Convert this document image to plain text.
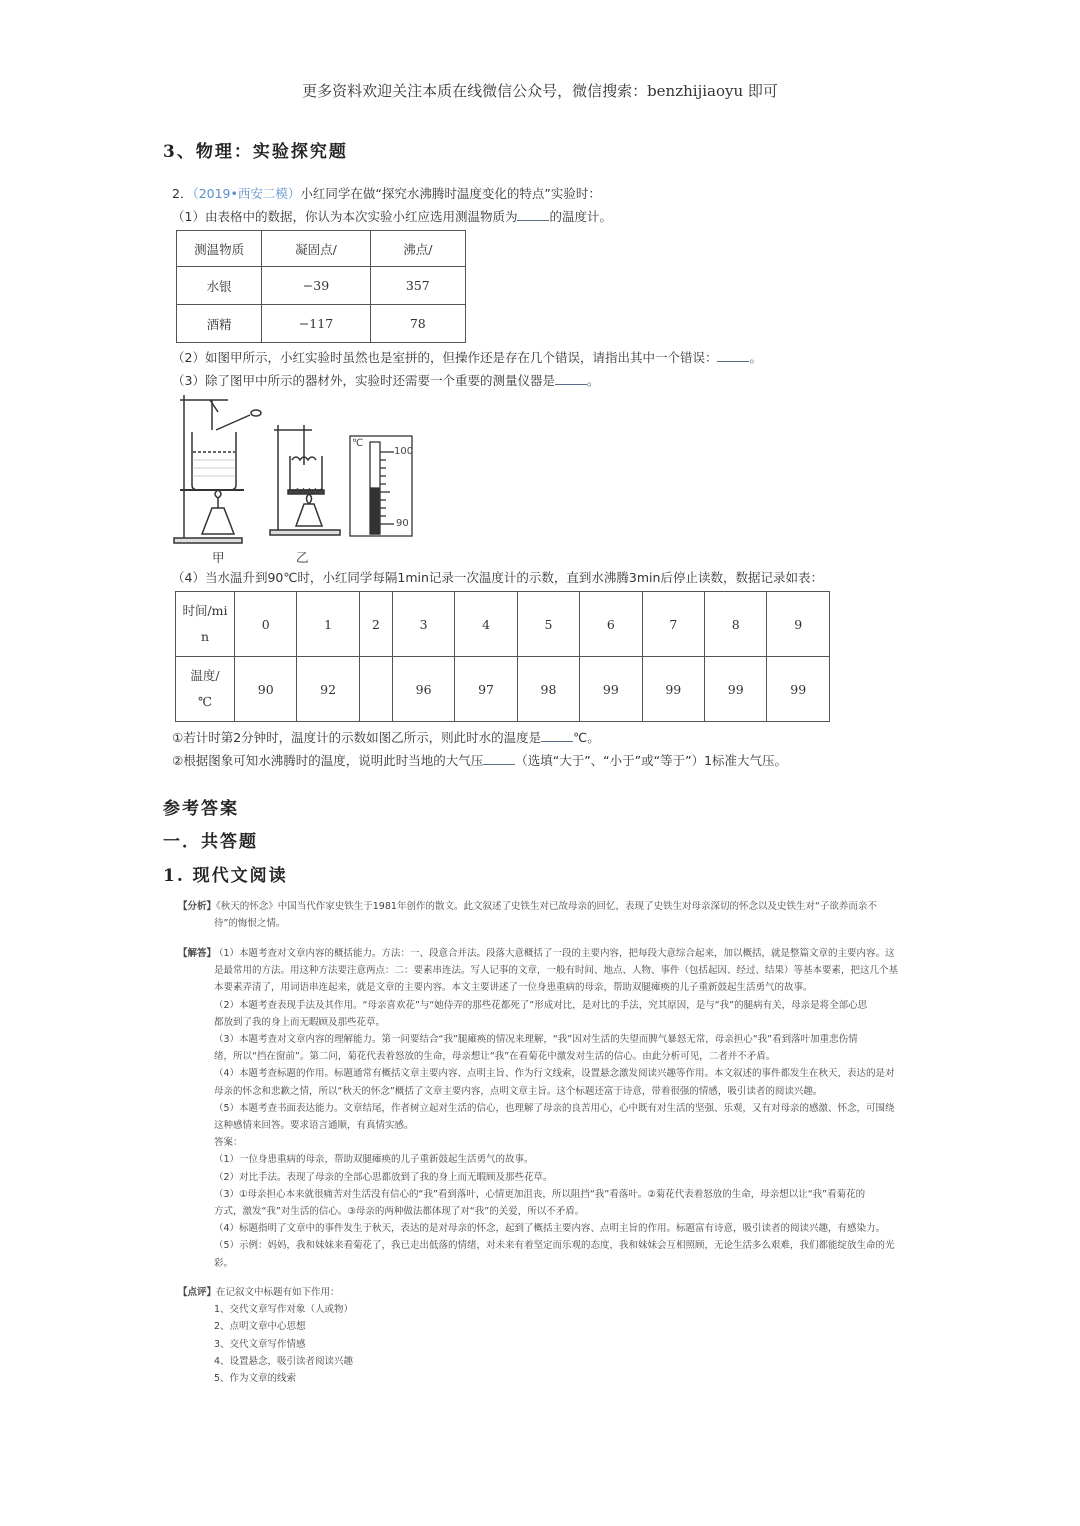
更多资料欢迎关注本质在线微信公众号，微信搜索：benzhijiaoyu 即可
3、物理：实验探究题
2．（2019•西安二模）小红同学在做“探究水沸腾时温度变化的特点”实验时：
（1）由表格中的数据，你认为本次实验小红应选用测温物质为	的温度计。
测温物质	凝固点/	沸点/
水银	−39	357
酒精	−117	78
（2）如图甲所示，小红实验时虽然也是室拼的，但操作还是存在几个错误，请指出其中一个错误：	。
（3）除了图甲中所示的器材外，实验时还需要一个重要的测量仪器是	。
℃
100
90
甲	乙
（4）当水温升到90℃时，小红同学每隔1min记录一次温度计的示数，直到水沸腾3min后停止读数，数据记录如表：
时间/mi
n	0	1	2	3	4	5	6	7	8	9

温度/
℃	90	92		96	97	98	99	99	99	99
①若计时第2分钟时，温度计的示数如图乙所示，则此时水的温度是	℃。
②根据图象可知水沸腾时的温度，说明此时当地的大气压	（选填“大于”、“小于”或“等于”）1标准大气压。
参考答案
一．共答题
1. 现代文阅读
【分析】《秋天的怀念》中国当代作家史铁生于1981年创作的散文。此文叙述了史铁生对已故母亲的回忆，表现了史铁生对母亲深切的怀念以及史铁生对“子欲养而亲不
待”的悔恨之情。
【解答】
（1）本题考查对文章内容的概括能力。方法：一、段意合并法。段落大意概括了一段的主要内容，把每段大意综合起来，加以概括，就是整篇文章的主要内容。这
是最常用的方法。用这种方法要注意两点：二：要素串连法。写人记事的文章，一般有时间、地点、人物、事件（包括起因、经过、结果）等基本要素，把这几个基
本要素弄清了，用词语串连起来，就是文章的主要内容。本文主要讲述了一位身患重病的母亲，帮助双腿瘫痪的儿子重新鼓起生活勇气的故事。
（2）本题考查表现手法及其作用。“母亲喜欢花”与“她侍弄的那些花都死了”形成对比，是对比的手法，究其原因，是与“我”的腿病有关，母亲是将全部心思
都放到了我的身上而无暇顾及那些花草。
（3）本题考查对文章内容的理解能力。第一问要结合“我”腿瘫痪的情况来理解，“我”因对生活的失望而脾气暴怒无常，母亲担心“我”看到落叶加重悲伤情
绪，所以“挡在窗前”。第二问，菊花代表着怒放的生命，母亲想让“我”在看菊花中激发对生活的信心。由此分析可见，二者并不矛盾。
（4）本题考查标题的作用。标题通常有概括文章主要内容、点明主旨、作为行文线索，设置悬念激发阅读兴趣等作用。本文叙述的事件都发生在秋天，表达的是对
母亲的怀念和悲歉之情，所以“秋天的怀念”概括了文章主要内容，点明文章主旨。这个标题还富于诗意，带着很强的情感，吸引读者的阅读兴趣。
（5）本题考查书面表达能力。文章结尾，作者树立起对生活的信心，也理解了母亲的良苦用心，心中既有对生活的坚强、乐观，又有对母亲的感激、怀念，可围绕
这种感情来回答。要求语言通顺，有真情实感。
答案：
（1）一位身患重病的母亲，帮助双腿瘫痪的儿子重新鼓起生活勇气的故事。
（2）对比手法。表现了母亲的全部心思都放到了我的身上而无暇顾及那些花草。
（3）①母亲担心本来就很痛苦对生活没有信心的“我”看到落叶，心情更加沮丧，所以阻挡“我”看落叶。②菊花代表着怒放的生命，母亲想以让“我”看菊花的
方式，激发“我”对生活的信心。③母亲的两种做法都体现了对“我”的关爱，所以不矛盾。
（4）标题指明了文章中的事件发生于秋天，表达的是对母亲的怀念，起到了概括主要内容、点明主旨的作用。标题富有诗意，吸引读者的阅读兴趣，有感染力。
（5）示例：妈妈，我和妹妹来看菊花了，我已走出低落的情绪，对未来有着坚定而乐观的态度，我和妹妹会互相照顾，无论生活多么艰难，我们都能绽放生命的光
彩。
【点评】在记叙文中标题有如下作用：
1、交代文章写作对象（人或物）
2、点明文章中心思想
3、交代文章写作情感
4、设置悬念，吸引读者阅读兴趣
5、作为文章的线索
